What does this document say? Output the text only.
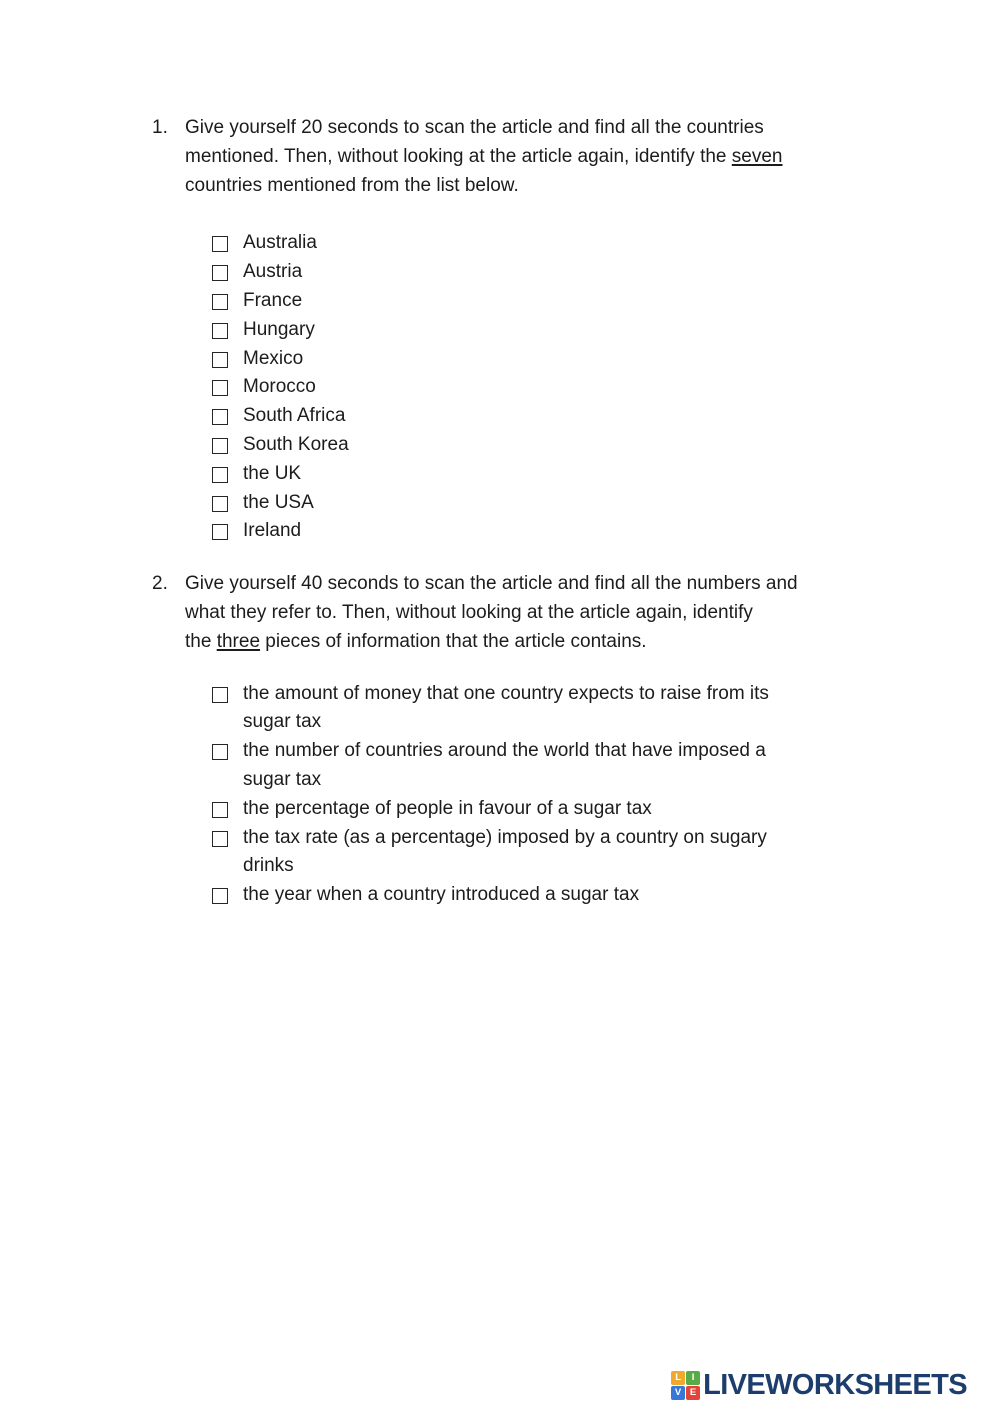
1. Give yourself 20 seconds to scan the article and find all the countries
mentioned. Then, without looking at the article again, identify the seven
countries mentioned from the list below.
Australia
Austria
France
Hungary
Mexico
Morocco
South Africa
South Korea
the UK
the USA
Ireland
2. Give yourself 40 seconds to scan the article and find all the numbers and
what they refer to. Then, without looking at the article again, identify
the three pieces of information that the article contains.
the amount of money that one country expects to raise from its
sugar tax
the number of countries around the world that have imposed a
sugar tax
the percentage of people in favour of a sugar tax
the tax rate (as a percentage) imposed by a country on sugary
drinks
the year when a country introduced a sugar tax
L	I
V E LIVEWORKSHEETS
